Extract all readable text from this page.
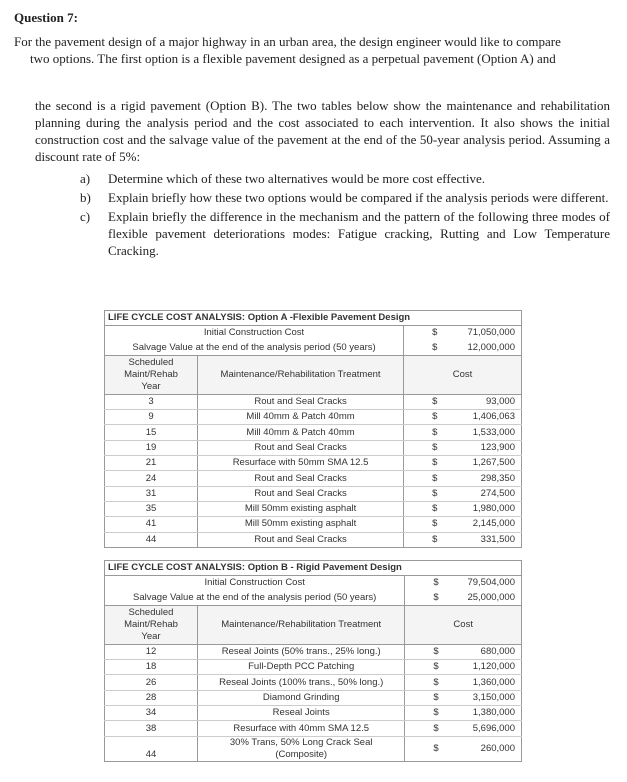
Question 7:
For the pavement design of a major highway in an urban area, the design engineer would like to compare
two options. The first option is a flexible pavement designed as a perpetual pavement (Option A) and
the second is a rigid pavement (Option B). The two tables below show the maintenance and rehabilitation planning during the analysis period and the cost associated to each intervention. It also shows the initial construction cost and the salvage value of the pavement at the end of the 50-year analysis period. Assuming a discount rate of 5%:
a) Determine which of these two alternatives would be more cost effective.
b) Explain briefly how these two options would be compared if the analysis periods were different.
c) Explain briefly the difference in the mechanism and the pattern of the following three modes of flexible pavement deteriorations modes: Fatigue cracking, Rutting and Low Temperature Cracking.
LIFE CYCLE COST ANALYSIS: Option A -Flexible Pavement Design			
Initial Construction Cost		$	71,050,000
Salvage Value at the end of the analysis period (50 years)		$	12,000,000

Scheduled
Maint/Rehab
Year	Maintenance/Rehabilitation Treatment	Cost	
3	Rout and Seal Cracks	$	93,000
9	Mill 40mm & Patch 40mm	$	1,406,063
15	Mill 40mm & Patch 40mm	$	1,533,000
19	Rout and Seal Cracks	$	123,900
21	Resurface with 50mm SMA 12.5	$	1,267,500
24	Rout and Seal Cracks	$	298,350
31	Rout and Seal Cracks	$	274,500
35	Mill 50mm existing asphalt	$	1,980,000
41	Mill 50mm existing asphalt	$	2,145,000
44	Rout and Seal Cracks	$	331,500
LIFE CYCLE COST ANALYSIS: Option B - Rigid Pavement Design			
Initial Construction Cost		$	79,504,000
Salvage Value at the end of the analysis period (50 years)		$	25,000,000

Scheduled
Maint/Rehab
Year	Maintenance/Rehabilitation Treatment	Cost	
12	Reseal Joints (50% trans., 25% long.)	$	680,000
18	Full-Depth PCC Patching	$	1,120,000
26	Reseal Joints (100% trans., 50% long.)	$	1,360,000
28	Diamond Grinding	$	3,150,000
34	Reseal Joints	$	1,380,000
38	Resurface with 40mm SMA 12.5	$	5,696,000
44	30% Trans, 50% Long Crack Seal
(Composite)	$	260,000
